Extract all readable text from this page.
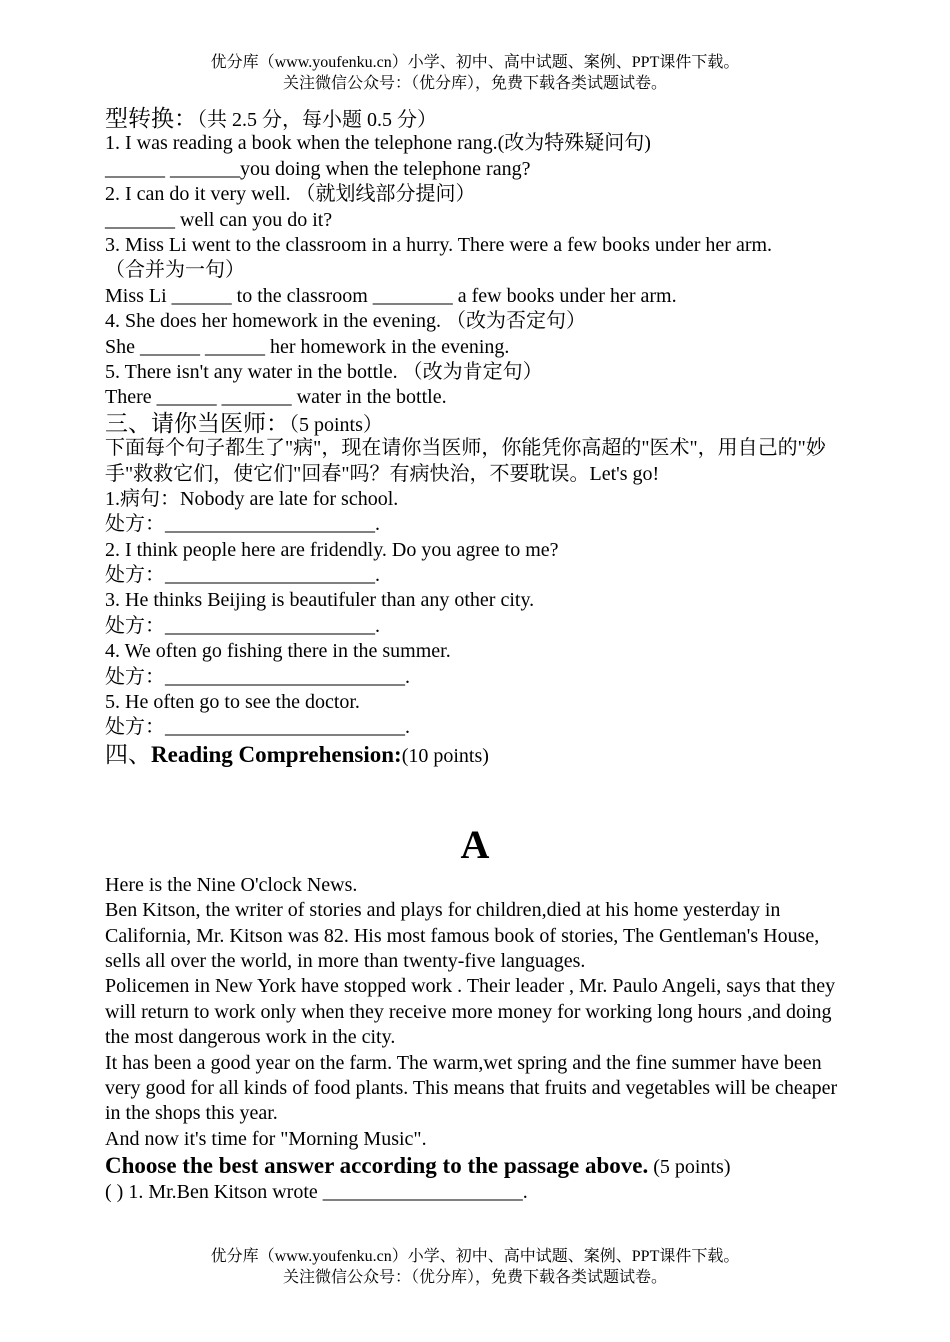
优分库（www.youfenku.cn）小学、初中、高中试题、案例、PPT课件下载。
关注微信公众号：（优分库），免费下载各类试题试卷。
型转换：（共 2.5 分，每小题 0.5 分）
1. I was reading a book when the telephone rang.(改为特殊疑问句)
______ _______you doing when the telephone rang?
2. I can do it very well. （就划线部分提问）
_______ well can you do it?
3. Miss Li went to the classroom in a hurry. There were a few books under her arm.
（合并为一句）
Miss Li ______ to the classroom ________ a few books under her arm.
4. She does her homework in the evening. （改为否定句）
She ______ ______ her homework in the evening.
5. There isn't any water in the bottle. （改为肯定句）
There ______ _______ water in the bottle.
三、请你当医师：（5 points）
下面每个句子都生了"病"，现在请你当医师，你能凭你高超的"医术"，用自己的"妙手"救救它们，使它们"回春"吗？有病快治，不要耽误。Let's go!
1.病句：Nobody are late for school.
处方：_____________________.
2. I think people here are fridendly. Do you agree to me?
处方：_____________________.
3. He thinks Beijing is beautifuler than any other city.
处方：_____________________.
4. We often go fishing there in the summer.
处方：________________________.
5. He often go to see the doctor.
处方：________________________.
四、Reading Comprehension:(10 points)
A
Here is the Nine O'clock News.
Ben Kitson, the writer of stories and plays for children,died at his home yesterday in California, Mr. Kitson was 82. His most famous book of stories, The Gentleman's House, sells all over the world, in more than twenty-five languages.
Policemen in New York have stopped work . Their leader , Mr. Paulo Angeli, says that they will return to work only when they receive more money for working long hours ,and doing the most dangerous work in the city.
It has been a good year on the farm. The warm,wet spring and the fine summer have been very good for all kinds of food plants. This means that fruits and vegetables will be cheaper in the shops this year.
And now it's time for "Morning Music".
Choose the best answer according to the passage above. (5 points)
( ) 1. Mr.Ben Kitson wrote ____________________.
优分库（www.youfenku.cn）小学、初中、高中试题、案例、PPT课件下载。
关注微信公众号：（优分库），免费下载各类试题试卷。
